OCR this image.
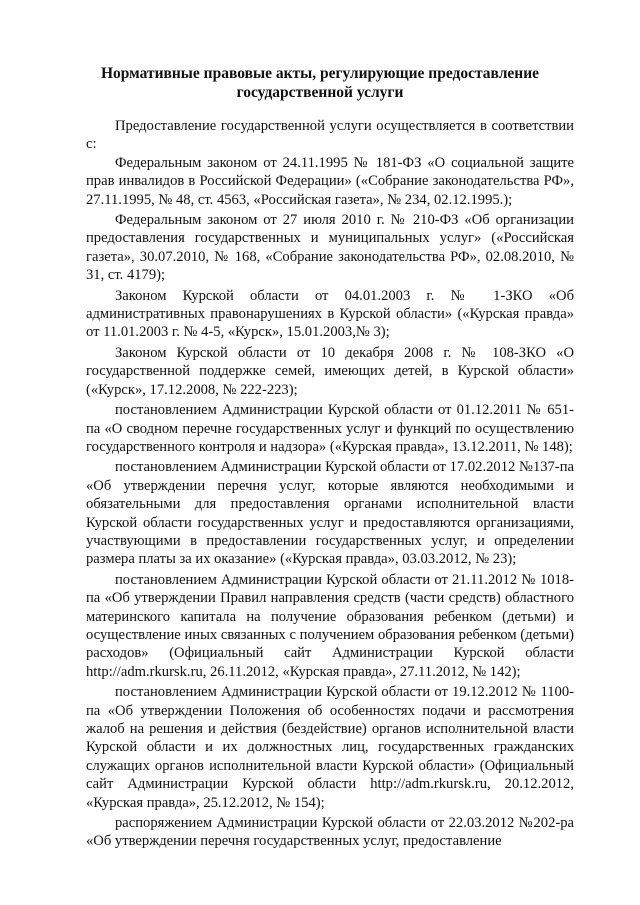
Нормативные правовые акты, регулирующие предоставление государственной услуги

Предоставление государственной услуги осуществляется в соответствии с:

Федеральным законом от 24.11.1995 № 181-ФЗ «О социальной защите прав инвалидов в Российской Федерации» («Собрание законодательства РФ», 27.11.1995, № 48, ст. 4563, «Российская газета», № 234, 02.12.1995.);

Федеральным законом от 27 июля 2010 г. № 210-ФЗ «Об организации предоставления государственных и муниципальных услуг» («Российская газета», 30.07.2010, № 168, «Собрание законодательства РФ», 02.08.2010, № 31, ст. 4179);

Законом Курской области от 04.01.2003 г. № 1-ЗКО «Об административных правонарушениях в Курской области» («Курская правда» от 11.01.2003 г. № 4-5, «Курск», 15.01.2003,№ 3);

Законом Курской области от 10 декабря 2008 г. № 108-ЗКО «О государственной поддержке семей, имеющих детей, в Курской области» («Курск», 17.12.2008, № 222-223);

постановлением Администрации Курской области от 01.12.2011 № 651-па «О сводном перечне государственных услуг и функций по осуществлению государственного контроля и надзора» («Курская правда», 13.12.2011, № 148);

постановлением Администрации Курской области от 17.02.2012 №137-па «Об утверждении перечня услуг, которые являются необходимыми и обязательными для предоставления органами исполнительной власти Курской области государственных услуг и предоставляются организациями, участвующими в предоставлении государственных услуг, и определении размера платы за их оказание» («Курская правда», 03.03.2012, № 23);

постановлением Администрации Курской области от 21.11.2012 № 1018-па «Об утверждении Правил направления средств (части средств) областного материнского капитала на получение образования ребенком (детьми) и осуществление иных связанных с получением образования ребенком (детьми) расходов» (Официальный сайт Администрации Курской области http://adm.rkursk.ru, 26.11.2012, «Курская правда», 27.11.2012, № 142);

постановлением Администрации Курской области от 19.12.2012 № 1100-па «Об утверждении Положения об особенностях подачи и рассмотрения жалоб на решения и действия (бездействие) органов исполнительной власти Курской области и их должностных лиц, государственных гражданских служащих органов исполнительной власти Курской области» (Официальный сайт Администрации Курской области http://adm.rkursk.ru, 20.12.2012, «Курская правда», 25.12.2012, № 154);

распоряжением Администрации Курской области от 22.03.2012 №202-ра «Об утверждении перечня государственных услуг, предоставление
